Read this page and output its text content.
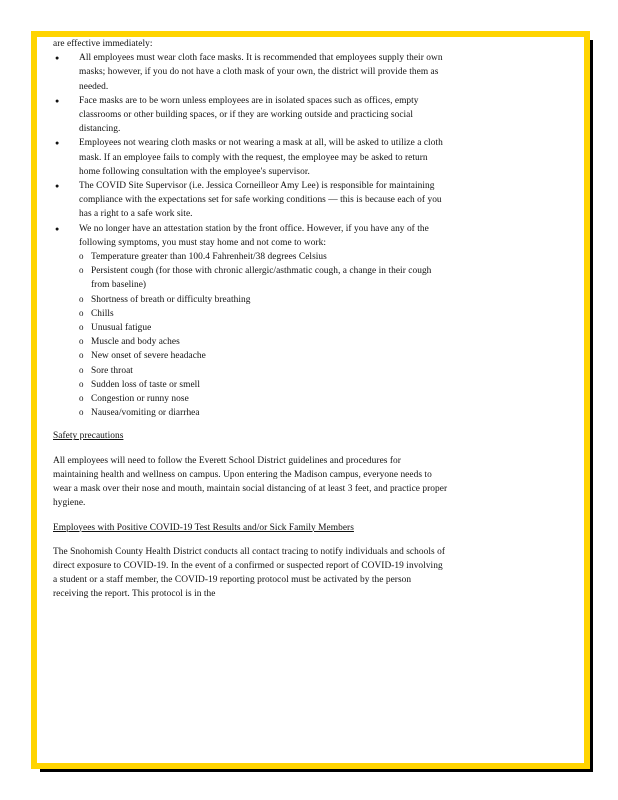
are effective immediately:

● All employees must wear cloth face masks. It is recommended that employees supply their own masks; however, if you do not have a cloth mask of your own, the district will provide them as needed.
● Face masks are to be worn unless employees are in isolated spaces such as offices, empty classrooms or other building spaces, or if they are working outside and practicing social distancing.
● Employees not wearing cloth masks or not wearing a mask at all, will be asked to utilize a cloth mask. If an employee fails to comply with the request, the employee may be asked to return home following consultation with the employee's supervisor.
● The COVID Site Supervisor (i.e. Jessica Corneilleor Amy Lee) is responsible for maintaining compliance with the expectations set for safe working conditions — this is because each of you has a right to a safe work site.
● We no longer have an attestation station by the front office. However, if you have any of the following symptoms, you must stay home and not come to work:
o Temperature greater than 100.4 Fahrenheit/38 degrees Celsius
o Persistent cough (for those with chronic allergic/asthmatic cough, a change in their cough from baseline)
o Shortness of breath or difficulty breathing
o Chills
o Unusual fatigue
o Muscle and body aches
o New onset of severe headache
o Sore throat
o Sudden loss of taste or smell
o Congestion or runny nose
o Nausea/vomiting or diarrhea

Safety precautions

All employees will need to follow the Everett School District guidelines and procedures for maintaining health and wellness on campus. Upon entering the Madison campus, everyone needs to wear a mask over their nose and mouth, maintain social distancing of at least 3 feet, and practice proper hygiene.

Employees with Positive COVID-19 Test Results and/or Sick Family Members

The Snohomish County Health District conducts all contact tracing to notify individuals and schools of direct exposure to COVID-19. In the event of a confirmed or suspected report of COVID-19 involving a student or a staff member, the COVID-19 reporting protocol must be activated by the person receiving the report. This protocol is in the
